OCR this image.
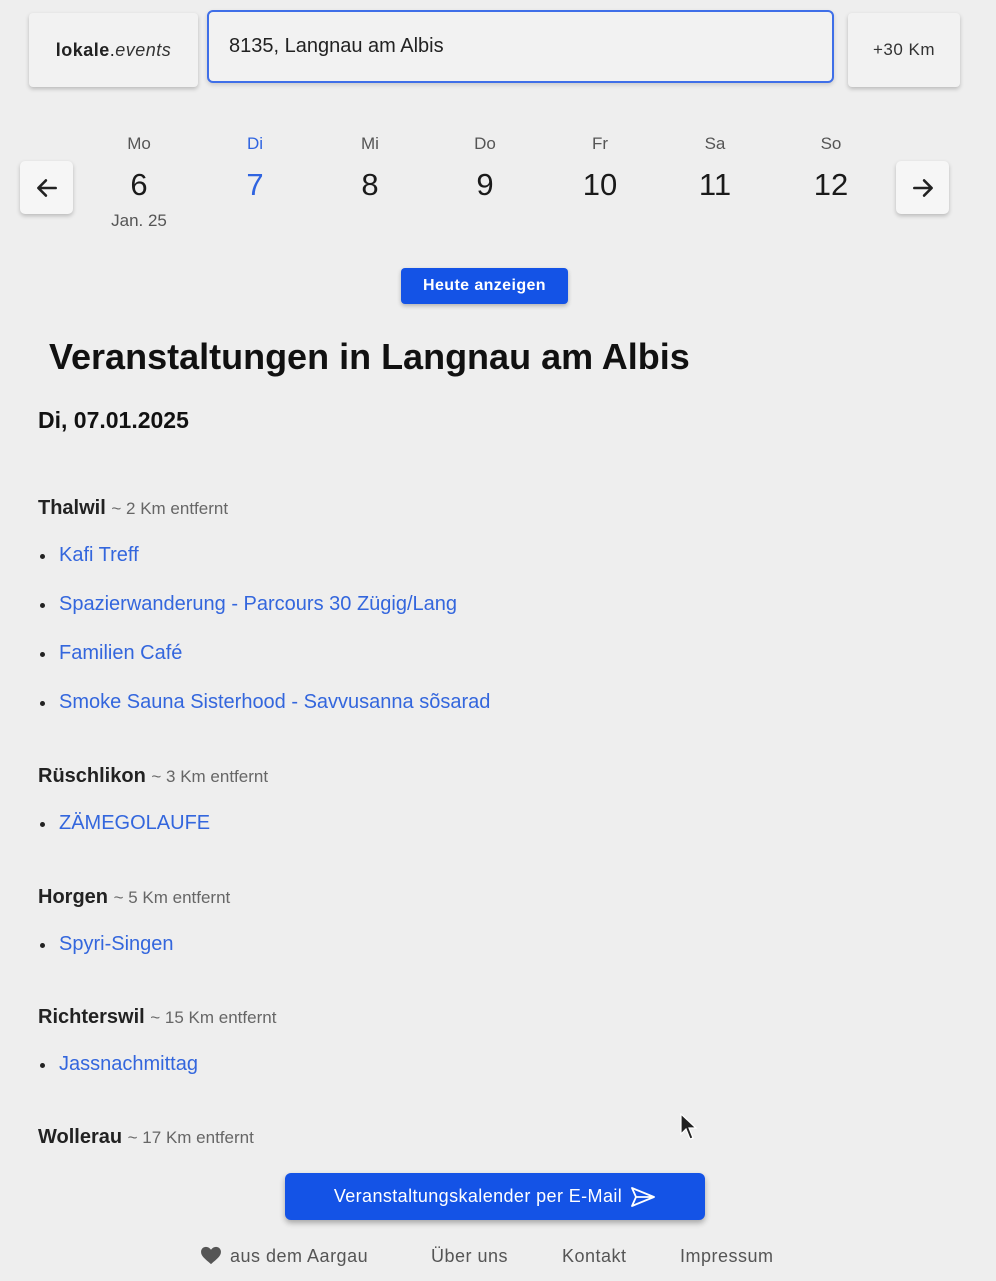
lokale . events
8135, Langnau am Albis	+30 Km
Mo
6
Jan. 25
Di
7
Mi
8
Do
9
Fr
10
Sa
11
So
12
Heute anzeigen
Veranstaltungen in Langnau am Albis
Di, 07.01.2025
Thalwil ~ 2 Km entfernt
Kafi Treff
Spazierwanderung - Parcours 30 Zügig/Lang
Familien Café
Smoke Sauna Sisterhood - Savvusanna sõsarad
Rüschlikon ~ 3 Km entfernt
ZÄMEGOLAUFE
Horgen ~ 5 Km entfernt
Spyri-Singen
Richterswil ~ 15 Km entfernt
Jassnachmittag
Wollerau ~ 17 Km entfernt
Veranstaltungskalender per E-Mail
aus dem Aargau	Über uns	Kontakt	Impressum
